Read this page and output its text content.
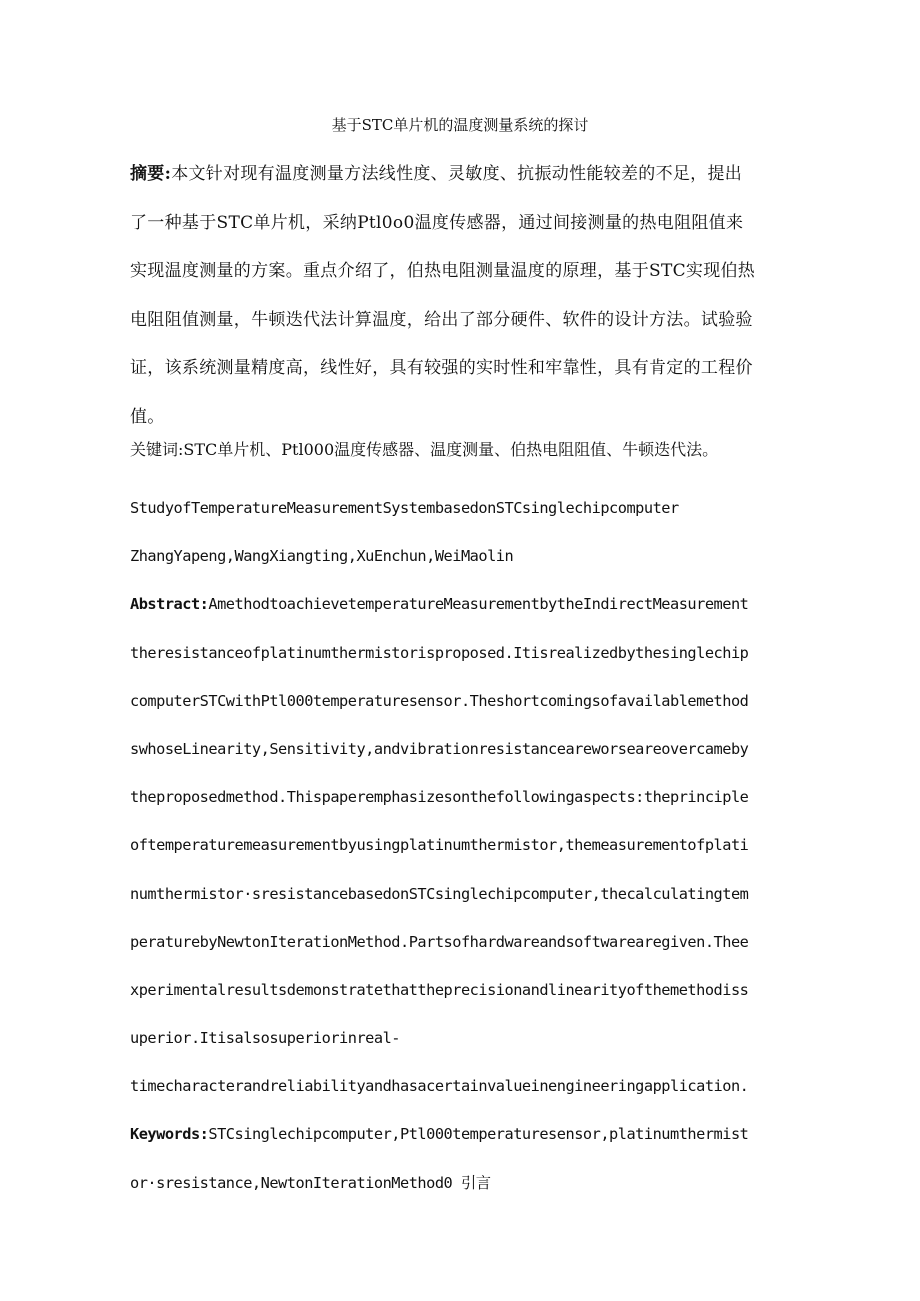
基于STC单片机的温度测量系统的探讨
摘要:本文针对现有温度测量方法线性度、灵敏度、抗振动性能较差的不足，提出
了一种基于STC单片机，采纳Ptl0o0温度传感器，通过间接测量的热电阻阻值来
实现温度测量的方案。重点介绍了，伯热电阻测量温度的原理，基于STC实现伯热
电阻阻值测量，牛顿迭代法计算温度，给出了部分硬件、软件的设计方法。试验验
证，该系统测量精度高，线性好，具有较强的实时性和牢靠性，具有肯定的工程价
值。
关键词:STC单片机、Ptl000温度传感器、温度测量、伯热电阻阻值、牛顿迭代法。
StudyofTemperatureMeasurementSystembasedonSTCsinglechipcomputer
ZhangYapeng,WangXiangting,XuEnchun,WeiMaolin
Abstract:AmethodtoachievetemperatureMeasurementbytheIndirectMeasurement
theresistanceofplatinumthermistorisproposed.Itisrealizedbythesinglechip
computerSTCwithPtl000temperaturesensor.Theshortcomingsofavailablemethod
swhoseLinearity,Sensitivity,andvibrationresistanceareworseareovercameby
theproposedmethod.Thispaperemphasizesonthefollowingaspects:theprinciple
oftemperaturemeasurementbyusingplatinumthermistor,themeasurementofplati
numthermistor·sresistancebasedonSTCsinglechipcomputer,thecalculatingtem
peraturebyNewtonIterationMethod.Partsofhardwareandsoftwarearegiven.Thee
xperimentalresultsdemonstratethattheprecisionandlinearityofthemethodiss
uperior.Itisalsosuperiorinreal-
timecharacterandreliabilityandhasacertainvalueinengineeringapplication.
Keywords:STCsinglechipcomputer,Ptl000temperaturesensor,platinumthermist
or·sresistance,NewtonIterationMethod0 引言
